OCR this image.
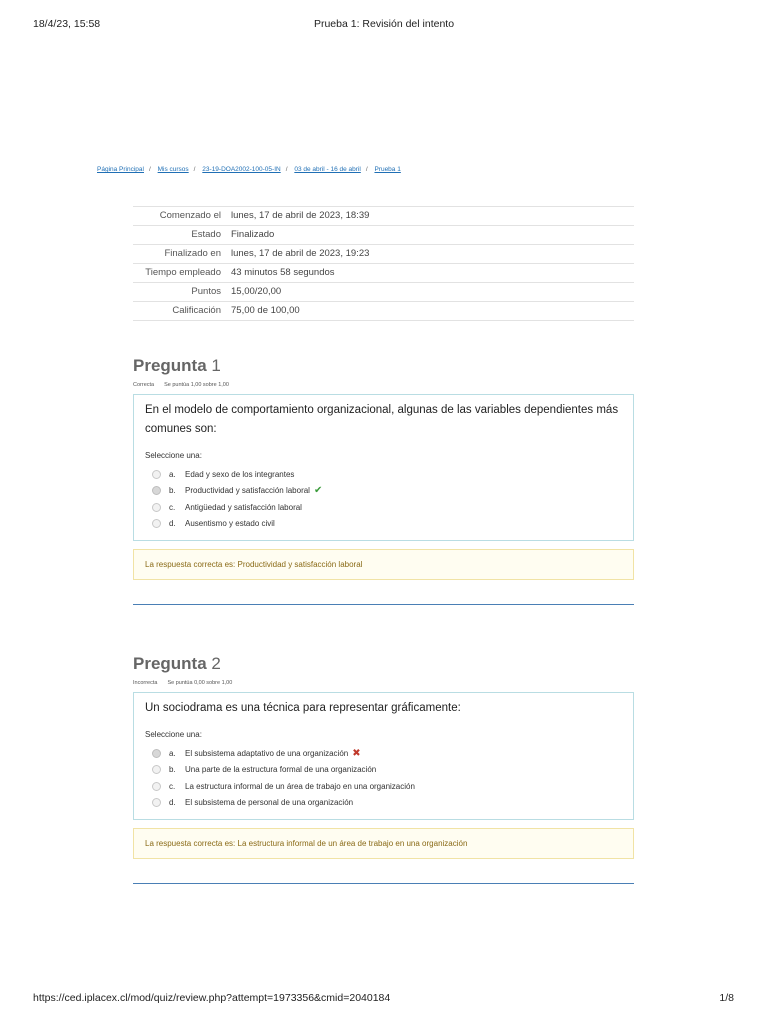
18/4/23, 15:58	Prueba 1: Revisión del intento
Página Principal / Mis cursos / 23-19-DOA2002-100-05-IN / 03 de abril - 16 de abril / Prueba 1
Comenzado el	lunes, 17 de abril de 2023, 18:39
Estado	Finalizado
Finalizado en	lunes, 17 de abril de 2023, 19:23
Tiempo empleado	43 minutos 58 segundos
Puntos	15,00/20,00
Calificación	75,00 de 100,00
Pregunta 1
Correcta Se puntúa 1,00 sobre 1,00
En el modelo de comportamiento organizacional, algunas de las variables dependientes más comunes son:
Seleccione una:
a.	Edad y sexo de los integrantes
b.	Productividad y satisfacción laboral ✔
c.	Antigüedad y satisfacción laboral
d.	Ausentismo y estado civil
La respuesta correcta es: Productividad y satisfacción laboral
Pregunta 2
Incorrecta Se puntúa 0,00 sobre 1,00
Un sociodrama es una técnica para representar gráficamente:
Seleccione una:
a.	El subsistema adaptativo de una organización ✖
b.	Una parte de la estructura formal de una organización
c.	La estructura informal de un área de trabajo en una organización
d.	El subsistema de personal de una organización
La respuesta correcta es: La estructura informal de un área de trabajo en una organización
https://ced.iplacex.cl/mod/quiz/review.php?attempt=1973356&cmid=2040184	1/8
